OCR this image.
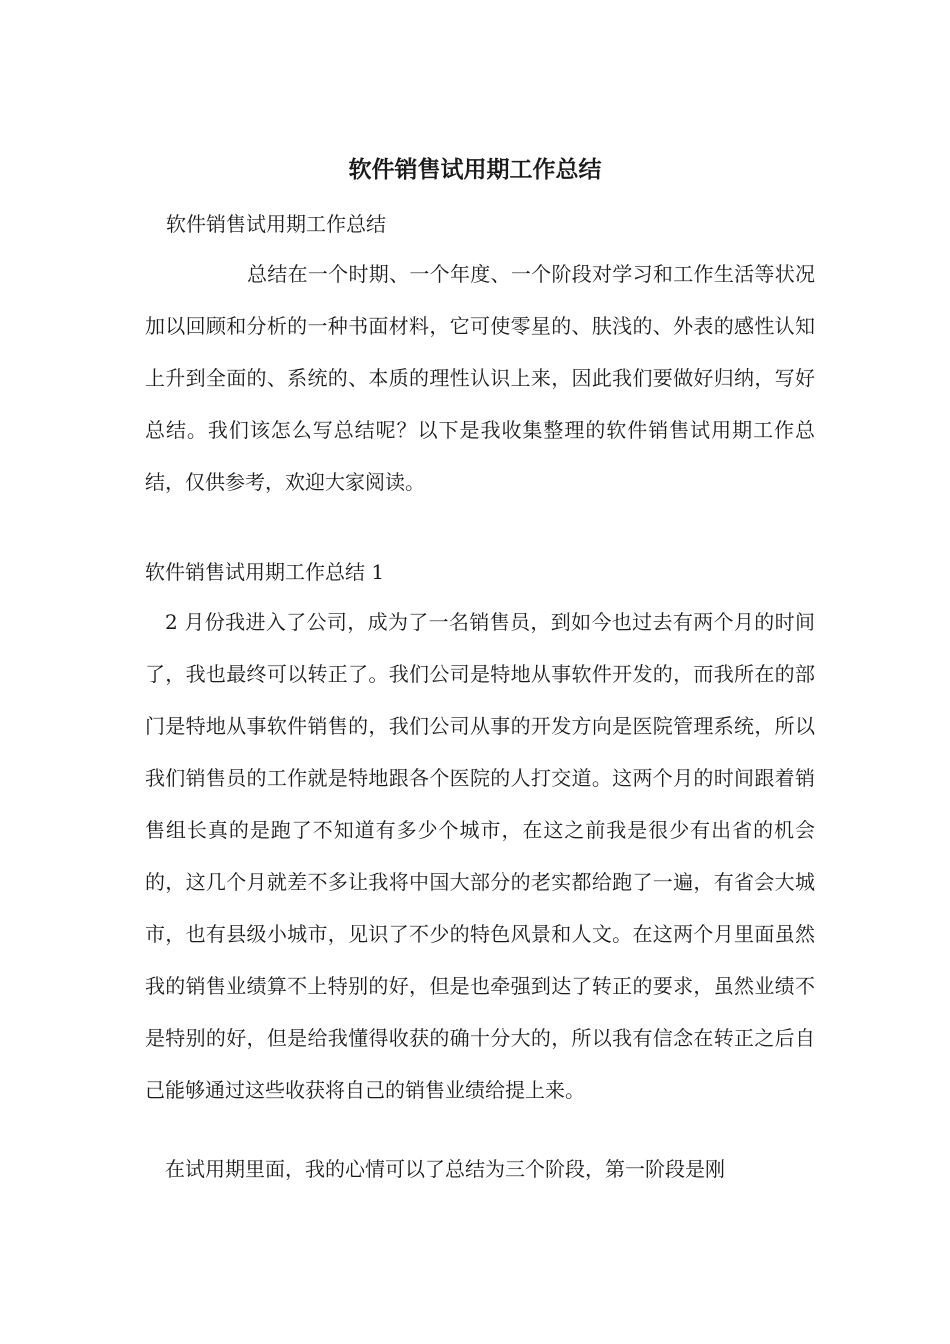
软件销售试用期工作总结
软件销售试用期工作总结

总结在一个时期、一个年度、一个阶段对学习和工作生活等状况加以回顾和分析的一种书面材料，它可使零星的、肤浅的、外表的感性认知上升到全面的、系统的、本质的理性认识上来，因此我们要做好归纳，写好总结。我们该怎么写总结呢？以下是我收集整理的软件销售试用期工作总结，仅供参考，欢迎大家阅读。

软件销售试用期工作总结 1

2 月份我进入了公司，成为了一名销售员，到如今也过去有两个月的时间了，我也最终可以转正了。我们公司是特地从事软件开发的，而我所在的部门是特地从事软件销售的，我们公司从事的开发方向是医院管理系统，所以我们销售员的工作就是特地跟各个医院的人打交道。这两个月的时间跟着销售组长真的是跑了不知道有多少个城市，在这之前我是很少有出省的机会的，这几个月就差不多让我将中国大部分的老实都给跑了一遍，有省会大城市，也有县级小城市，见识了不少的特色风景和人文。在这两个月里面虽然我的销售业绩算不上特别的好，但是也牵强到达了转正的要求，虽然业绩不是特别的好，但是给我懂得收获的确十分大的，所以我有信念在转正之后自己能够通过这些收获将自己的销售业绩给提上来。

在试用期里面，我的心情可以了总结为三个阶段，第一阶段是刚
